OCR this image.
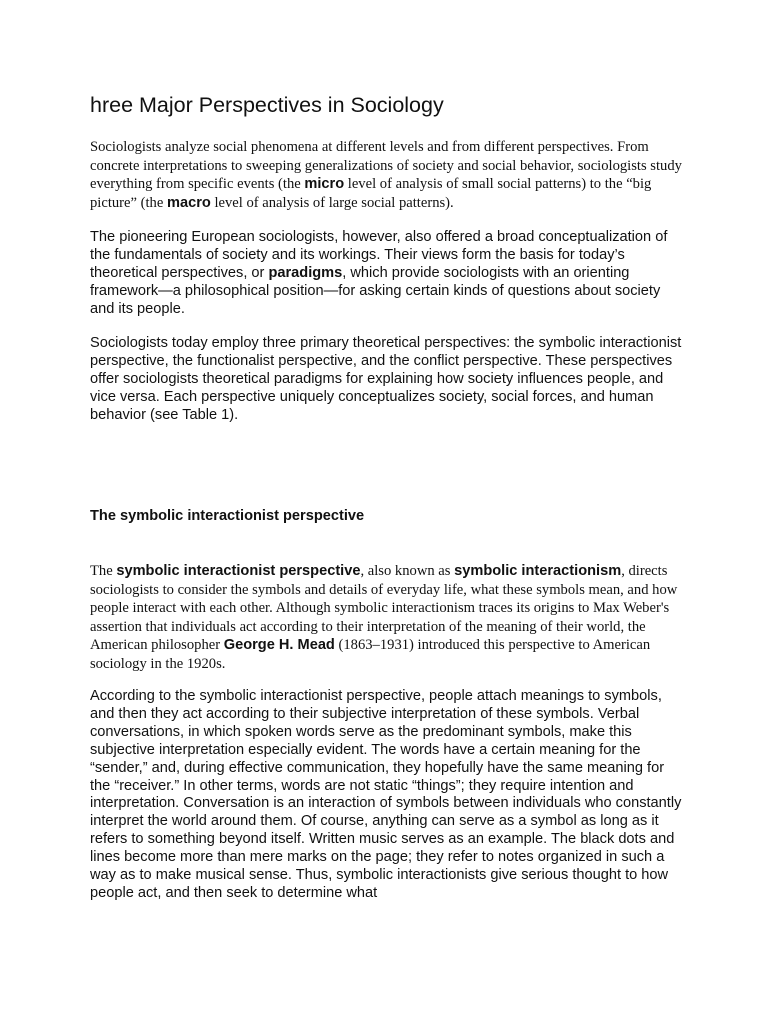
hree Major Perspectives in Sociology

Sociologists analyze social phenomena at different levels and from different perspectives. From concrete interpretations to sweeping generalizations of society and social behavior, sociologists study everything from specific events (the micro level of analysis of small social patterns) to the “big picture” (the macro level of analysis of large social patterns).

The pioneering European sociologists, however, also offered a broad conceptualization of the fundamentals of society and its workings. Their views form the basis for today’s theoretical perspectives, or paradigms, which provide sociologists with an orienting framework—a philosophical position—for asking certain kinds of questions about society and its people.

Sociologists today employ three primary theoretical perspectives: the symbolic interactionist perspective, the functionalist perspective, and the conflict perspective. These perspectives offer sociologists theoretical paradigms for explaining how society influences people, and vice versa. Each perspective uniquely conceptualizes society, social forces, and human behavior (see Table 1).

The symbolic interactionist perspective

The symbolic interactionist perspective, also known as symbolic interactionism, directs sociologists to consider the symbols and details of everyday life, what these symbols mean, and how people interact with each other. Although symbolic interactionism traces its origins to Max Weber's assertion that individuals act according to their interpretation of the meaning of their world, the American philosopher George H. Mead (1863–1931) introduced this perspective to American sociology in the 1920s.

According to the symbolic interactionist perspective, people attach meanings to symbols, and then they act according to their subjective interpretation of these symbols. Verbal conversations, in which spoken words serve as the predominant symbols, make this subjective interpretation especially evident. The words have a certain meaning for the “sender,” and, during effective communication, they hopefully have the same meaning for the “receiver.” In other terms, words are not static “things”; they require intention and interpretation. Conversation is an interaction of symbols between individuals who constantly interpret the world around them. Of course, anything can serve as a symbol as long as it refers to something beyond itself. Written music serves as an example. The black dots and lines become more than mere marks on the page; they refer to notes organized in such a way as to make musical sense. Thus, symbolic interactionists give serious thought to how people act, and then seek to determine what
